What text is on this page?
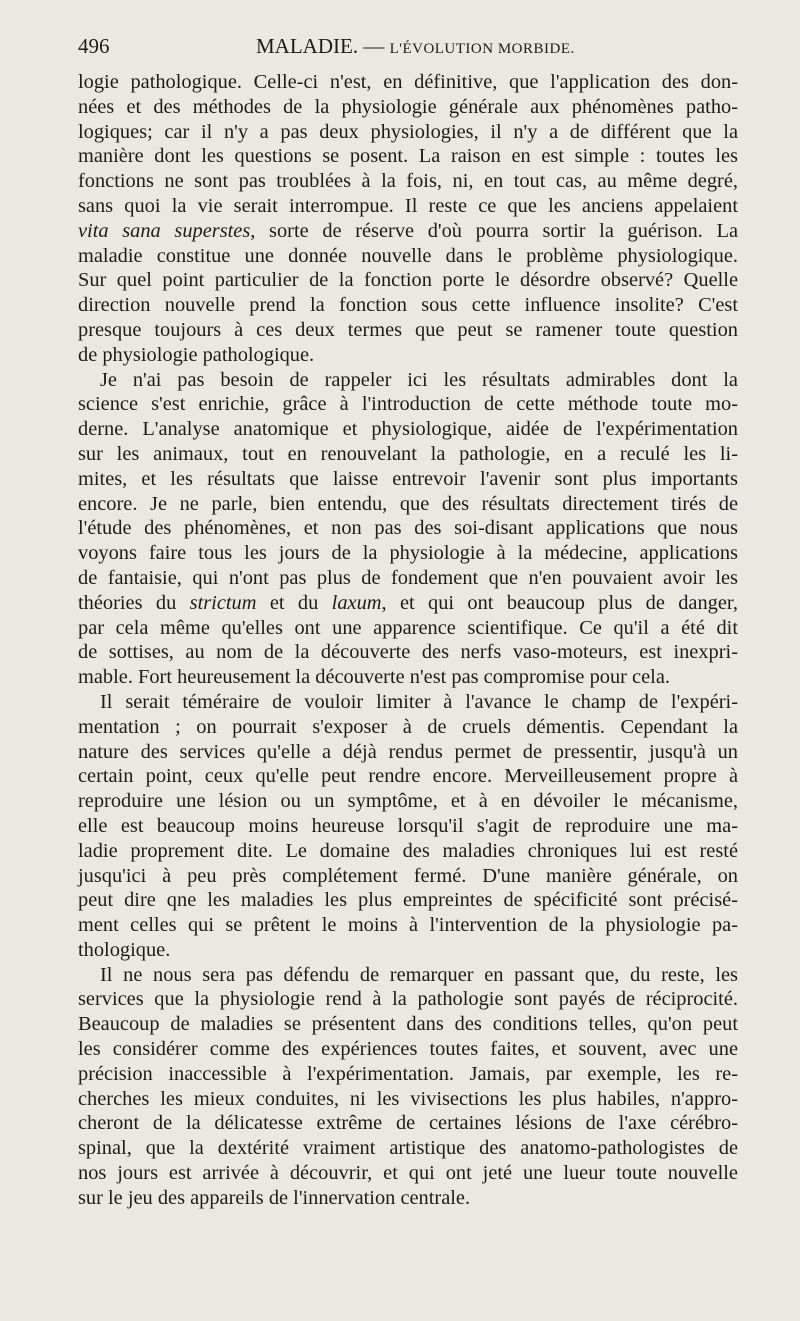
496	MALADIE. — L'ÉVOLUTION MORBIDE.
logie pathologique. Celle-ci n'est, en définitive, que l'application des don-
nées et des méthodes de la physiologie générale aux phénomènes patho-
logiques; car il n'y a pas deux physiologies, il n'y a de différent que la
manière dont les questions se posent. La raison en est simple : toutes les
fonctions ne sont pas troublées à la fois, ni, en tout cas, au même degré,
sans quoi la vie serait interrompue. Il reste ce que les anciens appelaient
vita sana superstes, sorte de réserve d'où pourra sortir la guérison. La
maladie constitue une donnée nouvelle dans le problème physiologique.
Sur quel point particulier de la fonction porte le désordre observé? Quelle
direction nouvelle prend la fonction sous cette influence insolite? C'est
presque toujours à ces deux termes que peut se ramener toute question
de physiologie pathologique.
Je n'ai pas besoin de rappeler ici les résultats admirables dont la
science s'est enrichie, grâce à l'introduction de cette méthode toute mo-
derne. L'analyse anatomique et physiologique, aidée de l'expérimentation
sur les animaux, tout en renouvelant la pathologie, en a reculé les li-
mites, et les résultats que laisse entrevoir l'avenir sont plus importants
encore. Je ne parle, bien entendu, que des résultats directement tirés de
l'étude des phénomènes, et non pas des soi-disant applications que nous
voyons faire tous les jours de la physiologie à la médecine, applications
de fantaisie, qui n'ont pas plus de fondement que n'en pouvaient avoir les
théories du strictum et du laxum, et qui ont beaucoup plus de danger,
par cela même qu'elles ont une apparence scientifique. Ce qu'il a été dit
de sottises, au nom de la découverte des nerfs vaso-moteurs, est inexpri-
mable. Fort heureusement la découverte n'est pas compromise pour cela.
Il serait téméraire de vouloir limiter à l'avance le champ de l'expéri-
mentation ; on pourrait s'exposer à de cruels démentis. Cependant la
nature des services qu'elle a déjà rendus permet de pressentir, jusqu'à un
certain point, ceux qu'elle peut rendre encore. Merveilleusement propre à
reproduire une lésion ou un symptôme, et à en dévoiler le mécanisme,
elle est beaucoup moins heureuse lorsqu'il s'agit de reproduire une ma-
ladie proprement dite. Le domaine des maladies chroniques lui est resté
jusqu'ici à peu près complétement fermé. D'une manière générale, on
peut dire qne les maladies les plus empreintes de spécificité sont précisé-
ment celles qui se prêtent le moins à l'intervention de la physiologie pa-
thologique.
Il ne nous sera pas défendu de remarquer en passant que, du reste, les
services que la physiologie rend à la pathologie sont payés de réciprocité.
Beaucoup de maladies se présentent dans des conditions telles, qu'on peut
les considérer comme des expériences toutes faites, et souvent, avec une
précision inaccessible à l'expérimentation. Jamais, par exemple, les re-
cherches les mieux conduites, ni les vivisections les plus habiles, n'appro-
cheront de la délicatesse extrême de certaines lésions de l'axe cérébro-
spinal, que la dextérité vraiment artistique des anatomo-pathologistes de
nos jours est arrivée à découvrir, et qui ont jeté une lueur toute nouvelle
sur le jeu des appareils de l'innervation centrale.
